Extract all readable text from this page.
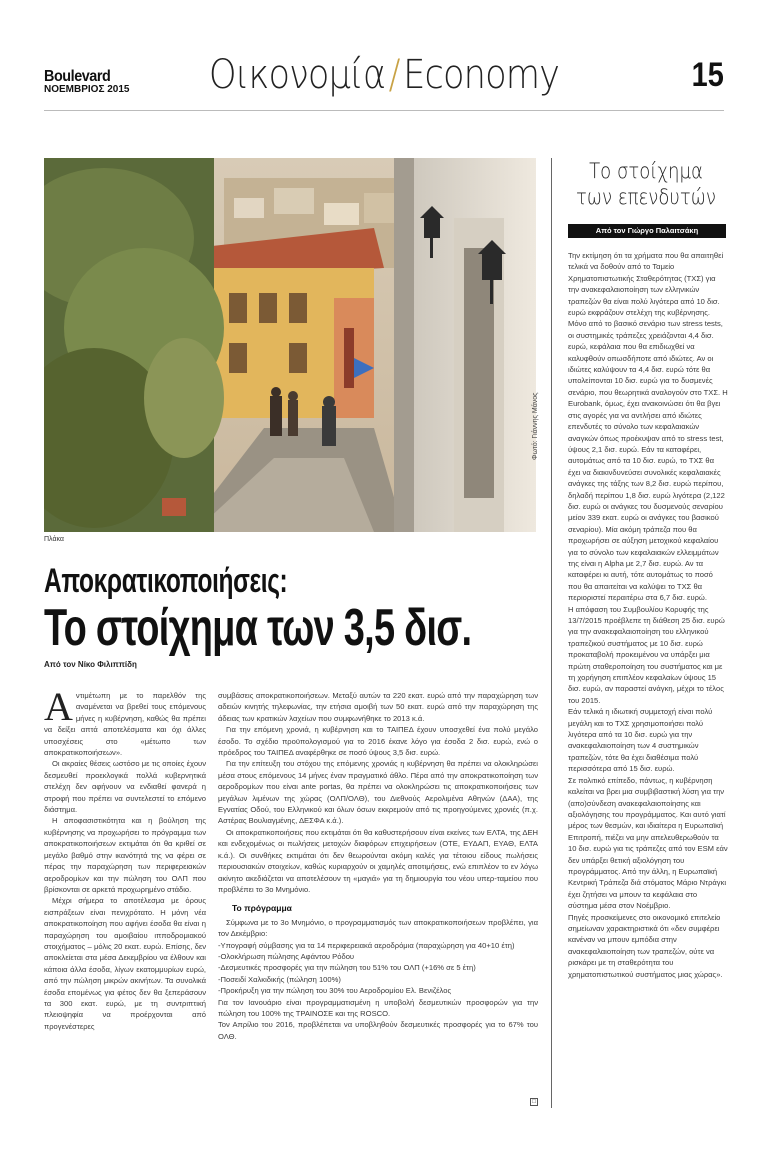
Boulevard
ΝΟΕΜΒΡΙΟΣ 2015	Οικονομία/Economy	15
Φωτό: Γιάννης Μάνος
Πλάκα
Αποκρατικοποιήσεις:
Το στοίχημα των 3,5 δισ.
Από τον Νίκο Φιλιππίδη

Αντιμέτωπη με το παρελθόν της αναμένεται να βρεθεί τους επόμενους μήνες η κυβέρνηση, καθώς θα πρέπει να δείξει απτά αποτελέσματα και όχι άλλες υποσχέσεις στο «μέτωπο των αποκρατικοποιήσεων».

Οι ακραίες θέσεις ωστόσο με τις οποίες έχουν δεσμευθεί προεκλογικά πολλά κυβερνητικά στελέχη δεν αφήνουν να ενδιαθεί φανερά η στροφή που πρέπει να συντελεστεί το επόμενο διάστημα.

Η αποφασιστικότητα και η βούληση της κυβέρνησης να προχωρήσει το πρόγραμμα των αποκρατικοποιήσεων εκτιμάται ότι θα κριθεί σε μεγάλο βαθμό στην ικανότητά της να φέρει σε πέρας την παραχώρηση των περιφερειακών αεροδρομίων και την πώληση του ΟΛΠ που βρίσκονται σε αρκετά προχωρημένο στάδιο.

Μέχρι σήμερα το αποτέλεσμα με όρους εισπράξεων είναι πενιχρότατο. Η μόνη νέα αποκρατικοποίηση που αφήνει έσοδα θα είναι η παραχώρηση του αμοιβαίου ιπποδρομιακού στοιχήματος – μόλις 20 εκατ. ευρώ. Επίσης, δεν αποκλείεται στα μέσα Δεκεμβρίου να έλθουν και κάποια άλλα έσοδα, λίγων εκατομμυρίων ευρώ, από την πώληση μικρών ακινήτων. Τα συνολικά έσοδα επομένως για φέτος δεν θα ξεπεράσουν τα 300 εκατ. ευρώ, με τη συντριπτική πλειοψηφία να προέρχονται από προγενέστερες

συμβάσεις αποκρατικοποιήσεων. Μεταξύ αυτών τα 220 εκατ. ευρώ από την παραχώρηση των αδειών κινητής τηλεφωνίας, την ετήσια αμοιβή των 50 εκατ. ευρώ από την παραχώρηση της άδειας των κρατικών λαχείων που συμφωνήθηκε το 2013 κ.ά.

Για την επόμενη χρονιά, η κυβέρνηση και το ΤΑΙΠΕΔ έχουν υποσχεθεί ένα πολύ μεγάλο έσοδο. Το σχέδιο προϋπολογισμού για το 2016 έκανε λόγο για έσοδα 2 δισ. ευρώ, ενώ ο πρόεδρος του ΤΑΙΠΕΔ αναφέρθηκε σε ποσό ύψους 3,5 δισ. ευρώ.

Για την επίτευξη του στόχου της επόμενης χρονιάς η κυβέρνηση θα πρέπει να ολοκληρώσει μέσα στους επόμενους 14 μήνες έναν πραγματικό άθλο. Πέρα από την αποκρατικοποίηση των αεροδρομίων που είναι ante portas, θα πρέπει να ολοκληρώσει τις αποκρατικοποιήσεις των μεγάλων λιμένων της χώρας (ΟΛΠ/ΟΛΘ), του Διεθνούς Αερολιμένα Αθηνών (ΔΑΑ), της Εγνατίας Οδού, του Ελληνικού και όλων όσων εκκρεμούν από τις προηγούμενες χρονιές (π.χ. Αστέρας Βουλιαγμένης, ΔΕΣΦΑ κ.ά.).

Οι αποκρατικοποιήσεις που εκτιμάται ότι θα καθυστερήσουν είναι εκείνες των ΕΛΤΑ, της ΔΕΗ και ενδεχομένως οι πωλήσεις μετοχών διαφόρων επιχειρήσεων (ΟΤΕ, ΕΥΔΑΠ, ΕΥΑΘ, ΕΛΤΑ κ.ά.). Οι συνθήκες εκτιμάται ότι δεν θεωρούνται ακόμη καλές για τέτοιου είδους πωλήσεις περιουσιακών στοιχείων, καθώς κυριαρχούν οι χαμηλές αποτιμήσεις, ενώ επιπλέον το εν λόγω ακίνητο ακεδιάζεται να αποτελέσουν τη «μαγιά» για τη δημιουργία του νέου υπερ-ταμείου που προβλέπει το 3ο Μνημόνιο.

Το πρόγραμμα

Σύμφωνα με το 3ο Μνημόνιο, ο προγραμματισμός των αποκρατικοποιήσεων προβλέπει, για τον Δεκέμβριο:

-Υπογραφή σύμβασης για τα 14 περιφερειακά αεροδρόμια (παραχώρηση για 40+10 έτη)

-Ολοκλήρωση πώλησης Αφάντου Ρόδου

-Δεσμευτικές προσφορές για την πώληση του 51% του ΟΛΠ (+16% σε 5 έτη)

-Ποσειδί Χαλκιδικής (πώληση 100%)

-Προκήρυξη για την πώληση του 30% του Αεροδρομίου Ελ. Βενιζέλος

Για τον Ιανουάριο είναι προγραμματισμένη η υποβολή δεσμευτικών προσφορών για την πώληση του 100% της ΤΡΑΙΝΟΣΕ και της ROSCO.

Τον Απρίλιο του 2016, προβλέπεται να υποβληθούν δεσμευτικές προσφορές για το 67% του ΟΛΘ.

☐
Το στοίχημα
των επενδυτών
Από τον Γιώργο Παλαιτσάκη

Την εκτίμηση ότι τα χρήματα που θα απαιτηθεί τελικά να δοθούν από το Ταμείο Χρηματοπιστωτικής Σταθερότητας (ΤΧΣ) για την ανακεφαλαιοποίηση των ελληνικών τραπεζών θα είναι πολύ λιγότερα από 10 δισ. ευρώ εκφράζουν στελέχη της κυβέρνησης. Μόνο από το βασικό σενάριο των stress tests, οι συστημικές τράπεζες χρειάζονται 4,4 δισ. ευρώ, κεφάλαια που θα επιδιωχθεί να καλυφθούν οπωσδήποτε από ιδιώτες. Αν οι ιδιώτες καλύψουν τα 4,4 δισ. ευρώ τότε θα υπολείπονται 10 δισ. ευρώ για το δυσμενές σενάριο, που θεωρητικά αναλογούν στο ΤΧΣ. Η Eurobank, όμως, έχει ανακοινώσει ότι θα βγει στις αγορές για να αντλήσει από ιδιώτες επενδυτές το σύνολο των κεφαλαιακών αναγκών όπως προέκυψαν από το stress test, ύψους 2,1 δισ. ευρώ. Εάν τα καταφέρει, αυτομάτως από τα 10 δισ. ευρώ, το ΤΧΣ θα έχει να διακινδυνεύσει συνολικές κεφαλαιακές ανάγκες της τάξης των 8,2 δισ. ευρώ περίπου, δηλαδή περίπου 1,8 δισ. ευρώ λιγότερα (2,122 δισ. ευρώ οι ανάγκες του δυσμενούς σεναρίου μείον 339 εκατ. ευρώ οι ανάγκες του βασικού σεναρίου). Μία ακόμη τράπεζα που θα προχωρήσει σε αύξηση μετοχικού κεφαλαίου για το σύνολο των κεφαλαιακών ελλειμμάτων της είναι η Alpha με 2,7 δισ. ευρώ. Αν τα καταφέρει κι αυτή, τότε αυτομάτως το ποσό που θα απαιτείται να καλύψει το ΤΧΣ θα περιοριστεί περαιτέρω στα 6,7 δισ. ευρώ.

Η απόφαση του Συμβουλίου Κορυφής της 13/7/2015 προέβλεπε τη διάθεση 25 δισ. ευρώ για την ανακεφαλαιοποίηση του ελληνικού τραπεζικού συστήματος με 10 δισ. ευρώ προκαταβολή προκειμένου να υπάρξει μια πρώτη σταθεροποίηση του συστήματος και με τη χορήγηση επιπλέον κεφαλαίων ύψους 15 δισ. ευρώ, αν παραστεί ανάγκη, μέχρι το τέλος του 2015.

Εάν τελικά η ιδιωτική συμμετοχή είναι πολύ μεγάλη και το ΤΧΣ χρησιμοποιήσει πολύ λιγότερα από τα 10 δισ. ευρώ για την ανακεφαλαιοποίηση των 4 συστημικών τραπεζών, τότε θα έχει διαθέσιμα πολύ περισσότερα από 15 δισ. ευρώ.

Σε πολιτικό επίπεδο, πάντως, η κυβέρνηση καλείται να βρει μια συμβιβαστική λύση για την (απο)σύνδεση ανακεφαλαιοποίησης και αξιολόγησης του προγράμματος. Και αυτό γιατί μέρος των θεσμών, και ιδιαίτερα η Ευρωπαϊκή Επιτροπή, πιέζει να μην απελευθερωθούν τα 10 δισ. ευρώ για τις τράπεζες από τον ESM εάν δεν υπάρξει θετική αξιολόγηση του προγράμματος. Από την άλλη, η Ευρωπαϊκή Κεντρική Τράπεζα διά στόματος Μάριο Ντράγκι έχει ζητήσει να μπουν τα κεφάλαια στο σύστημα μέσα στον Νοέμβριο.

Πηγές προσκείμενες στο οικονομικό επιτελείο σημείωναν χαρακτηριστικά ότι «δεν συμφέρει κανέναν να μπουν εμπόδια στην ανακεφαλαιοποίηση των τραπεζών, ούτε να ρισκάρει με τη σταθερότητα του χρηματοπιστωτικού συστήματος μιας χώρας».
